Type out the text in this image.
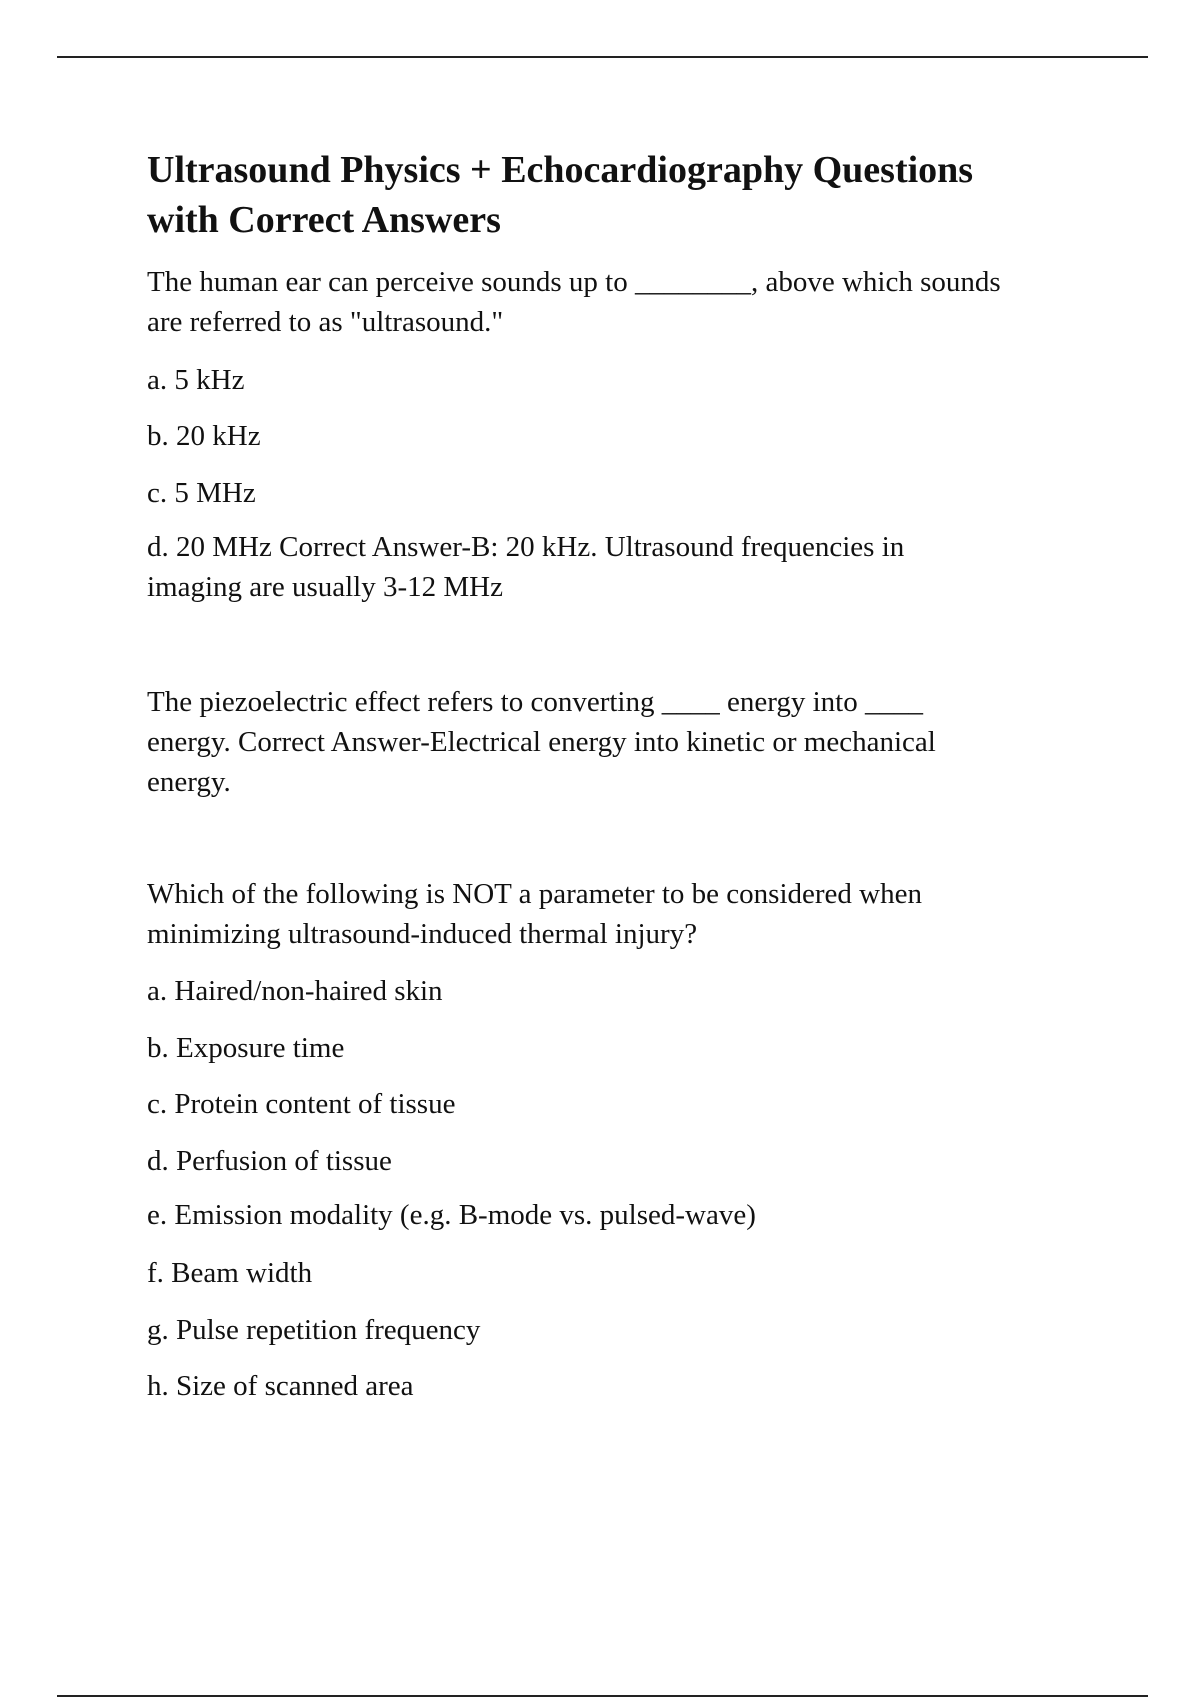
Ultrasound Physics + Echocardiography Questions
with Correct Answers
The human ear can perceive sounds up to ________, above which sounds
are referred to as "ultrasound."
a. 5 kHz
b. 20 kHz
c. 5 MHz
d. 20 MHz Correct Answer-B: 20 kHz. Ultrasound frequencies in
imaging are usually 3-12 MHz
The piezoelectric effect refers to converting ____ energy into ____
energy. Correct Answer-Electrical energy into kinetic or mechanical
energy.
Which of the following is NOT a parameter to be considered when
minimizing ultrasound-induced thermal injury?
a. Haired/non-haired skin
b. Exposure time
c. Protein content of tissue
d. Perfusion of tissue
e. Emission modality (e.g. B-mode vs. pulsed-wave)
f. Beam width
g. Pulse repetition frequency
h. Size of scanned area
